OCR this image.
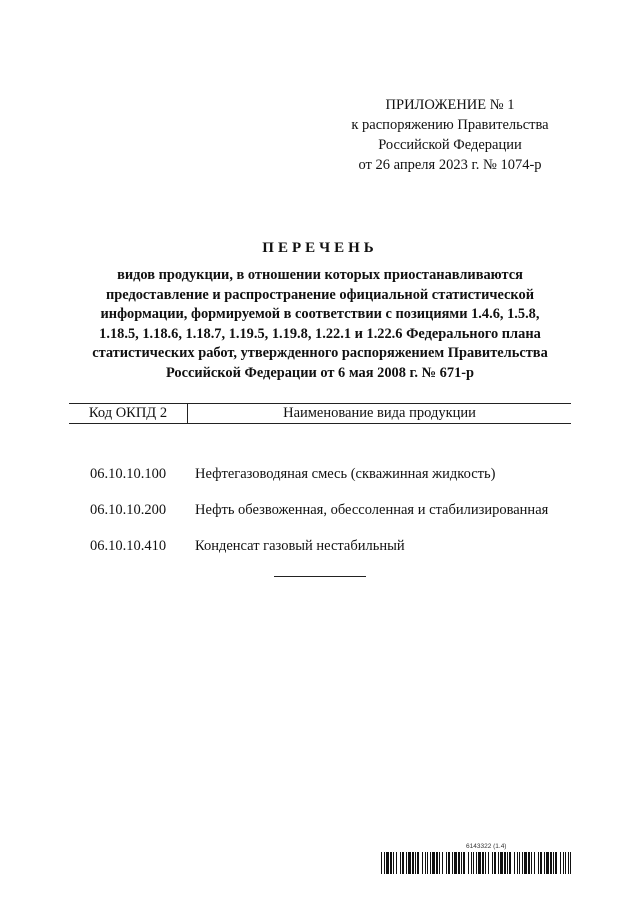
ПРИЛОЖЕНИЕ № 1
к распоряжению Правительства
Российской Федерации
от 26 апреля 2023 г. № 1074-р
ПЕРЕЧЕНЬ
видов продукции, в отношении которых приостанавливаются
предоставление и распространение официальной статистической
информации, формируемой в соответствии с позициями 1.4.6, 1.5.8,
1.18.5, 1.18.6, 1.18.7, 1.19.5, 1.19.8, 1.22.1 и 1.22.6 Федерального плана
статистических работ, утвержденного распоряжением Правительства
Российской Федерации от 6 мая 2008 г. № 671-р
Код ОКПД 2	Наименование вида продукции
06.10.10.100	Нефтегазоводяная смесь (скважинная жидкость)
06.10.10.200	Нефть обезвоженная, обессоленная и стабилизированная
06.10.10.410	Конденсат газовый нестабильный
6143322 (1.4)
